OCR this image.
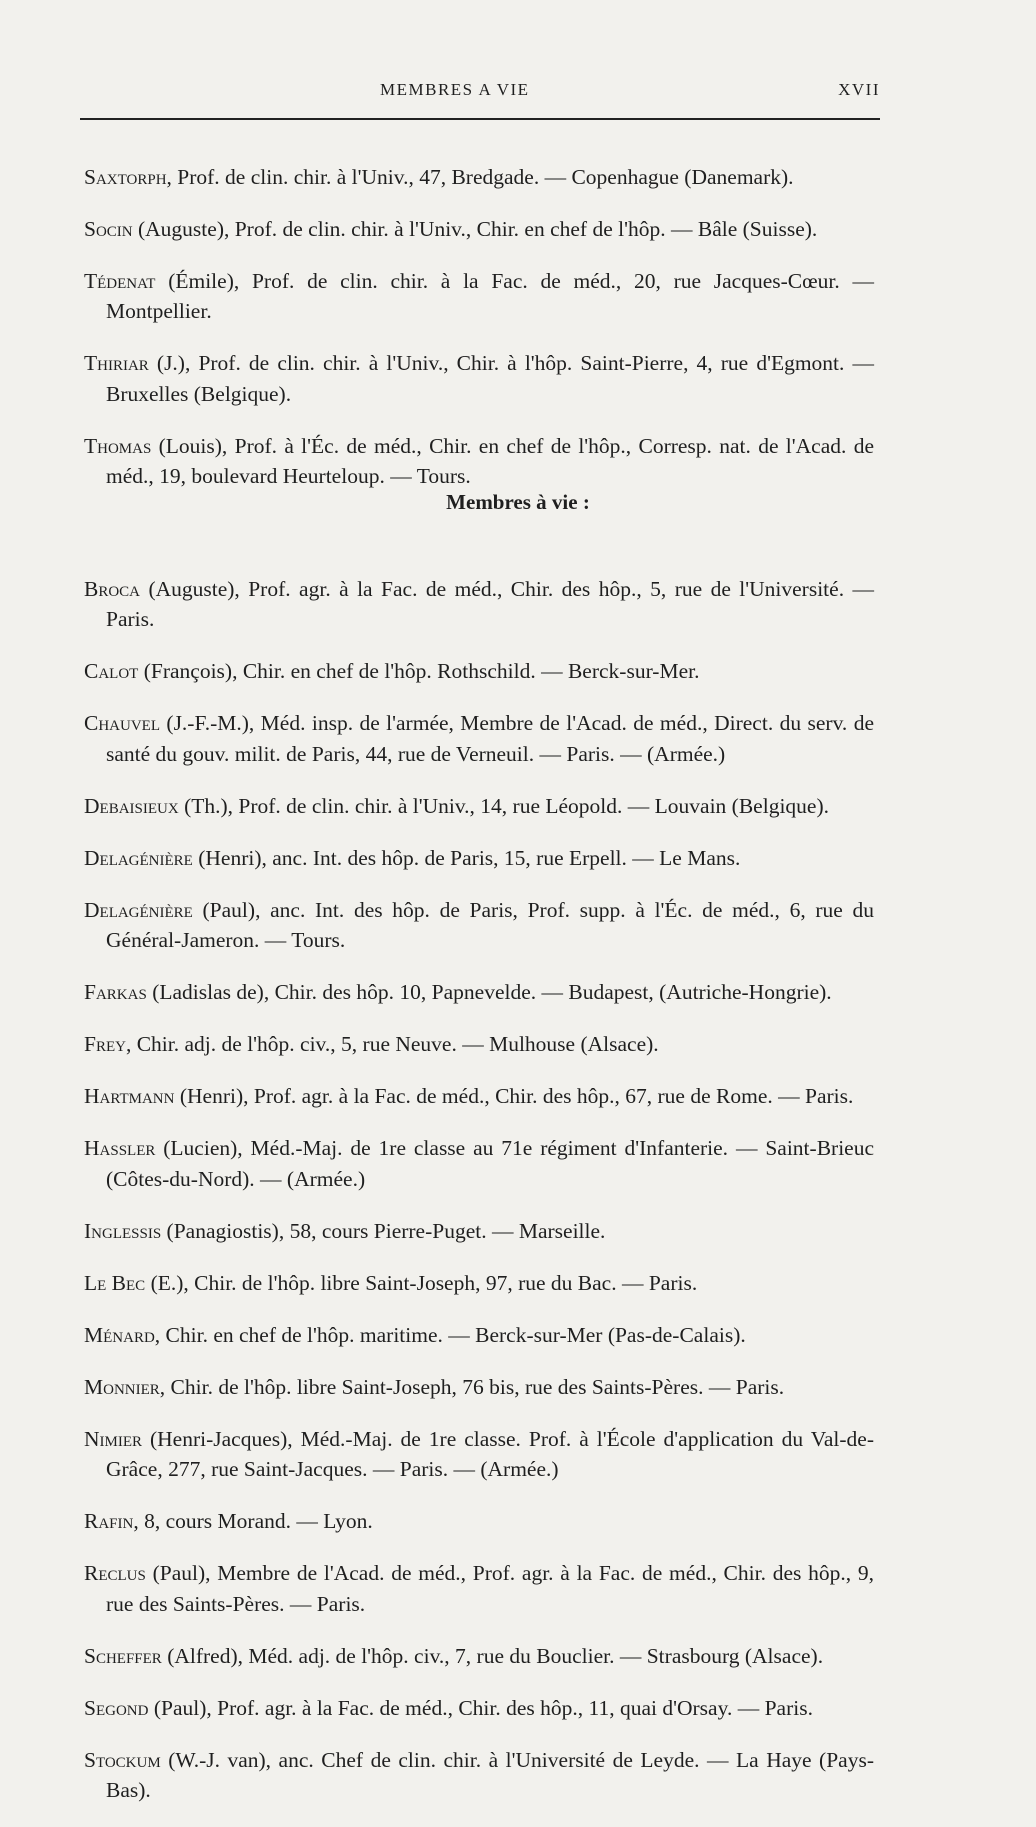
MEMBRES A VIE	XVII

Saxtorph, Prof. de clin. chir. à l'Univ., 47, Bredgade. — Copenhague (Danemark).

Socin (Auguste), Prof. de clin. chir. à l'Univ., Chir. en chef de l'hôp. — Bâle (Suisse).

Tédenat (Émile), Prof. de clin. chir. à la Fac. de méd., 20, rue Jacques-Cœur. — Montpellier.

Thiriar (J.), Prof. de clin. chir. à l'Univ., Chir. à l'hôp. Saint-Pierre, 4, rue d'Egmont. — Bruxelles (Belgique).

Thomas (Louis), Prof. à l'Éc. de méd., Chir. en chef de l'hôp., Corresp. nat. de l'Acad. de méd., 19, boulevard Heurteloup. — Tours.

Membres à vie :

Broca (Auguste), Prof. agr. à la Fac. de méd., Chir. des hôp., 5, rue de l'Université. — Paris.

Calot (François), Chir. en chef de l'hôp. Rothschild. — Berck-sur-Mer.

Chauvel (J.-F.-M.), Méd. insp. de l'armée, Membre de l'Acad. de méd., Direct. du serv. de santé du gouv. milit. de Paris, 44, rue de Verneuil. — Paris. — (Armée.)

Debaisieux (Th.), Prof. de clin. chir. à l'Univ., 14, rue Léopold. — Louvain (Belgique).

Delagénière (Henri), anc. Int. des hôp. de Paris, 15, rue Erpell. — Le Mans.

Delagénière (Paul), anc. Int. des hôp. de Paris, Prof. supp. à l'Éc. de méd., 6, rue du Général-Jameron. — Tours.

Farkas (Ladislas de), Chir. des hôp. 10, Papnevelde. — Budapest, (Autriche-Hongrie).

Frey, Chir. adj. de l'hôp. civ., 5, rue Neuve. — Mulhouse (Alsace).

Hartmann (Henri), Prof. agr. à la Fac. de méd., Chir. des hôp., 67, rue de Rome. — Paris.

Hassler (Lucien), Méd.-Maj. de 1re classe au 71e régiment d'Infanterie. — Saint-Brieuc (Côtes-du-Nord). — (Armée.)

Inglessis (Panagiostis), 58, cours Pierre-Puget. — Marseille.

Le Bec (E.), Chir. de l'hôp. libre Saint-Joseph, 97, rue du Bac. — Paris.

Ménard, Chir. en chef de l'hôp. maritime. — Berck-sur-Mer (Pas-de-Calais).

Monnier, Chir. de l'hôp. libre Saint-Joseph, 76 bis, rue des Saints-Pères. — Paris.

Nimier (Henri-Jacques), Méd.-Maj. de 1re classe. Prof. à l'École d'application du Val-de-Grâce, 277, rue Saint-Jacques. — Paris. — (Armée.)

Rafin, 8, cours Morand. — Lyon.

Reclus (Paul), Membre de l'Acad. de méd., Prof. agr. à la Fac. de méd., Chir. des hôp., 9, rue des Saints-Pères. — Paris.

Scheffer (Alfred), Méd. adj. de l'hôp. civ., 7, rue du Bouclier. — Strasbourg (Alsace).

Segond (Paul), Prof. agr. à la Fac. de méd., Chir. des hôp., 11, quai d'Orsay. — Paris.

Stockum (W.-J. van), anc. Chef de clin. chir. à l'Université de Leyde. — La Haye (Pays-Bas).
